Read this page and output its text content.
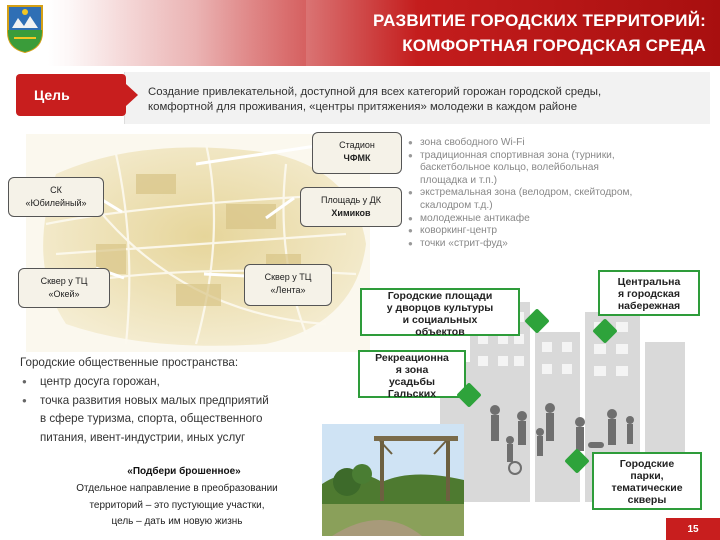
РАЗВИТИЕ ГОРОДСКИХ ТЕРРИТОРИЙ:
КОМФОРТНАЯ ГОРОДСКАЯ СРЕДА
Цель	Создание привлекательной, доступной для всех категорий горожан городской среды,
комфортной для проживания, «центры притяжения» молодежи в каждом районе
Стадион
ЧФМК
СК
«Юбилейный»	Площадь у ДК
Химиков
Сквер у ТЦ
«Окей»
Сквер у ТЦ
«Лента»
● зона свободного Wi-Fi
● традиционная спортивная зона (турники,
баскетбольное кольцо, волейбольная
площадка и т.п.)
● экстремальная зона (велодром, скейтодром,
скалодром т.д.)
● молодежные антикафе
● коворкинг-центр
● точки «стрит-фуд»
Городские площади
у дворцов культуры
и социальных
объектов
Рекреационна
я зона
усадьбы
Гальских
Центральна
я городская
набережная
Городские
парки,
тематические
скверы
Городские общественные пространства:
● центр досуга горожан,
● точка развития новых малых предприятий
в сфере туризма, спорта, общественного
питания, ивент-индустрии, иных услуг
«Подбери брошенное»
Отдельное направление в преобразовании
территорий – это пустующие участки,
цель – дать им новую жизнь
15
